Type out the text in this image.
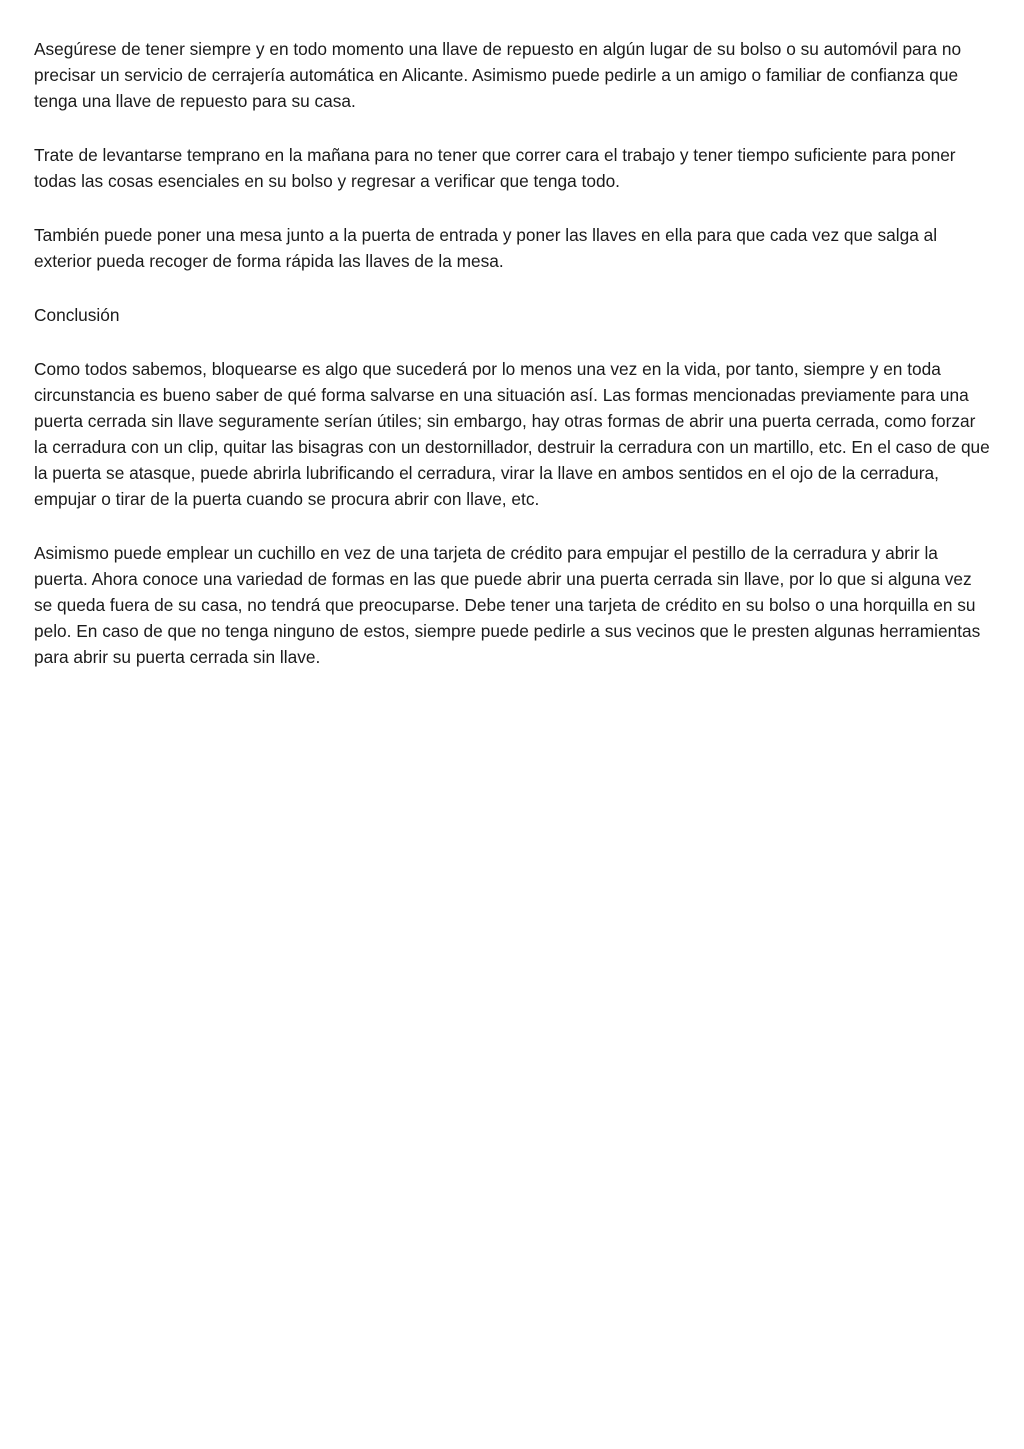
Asegúrese de tener siempre y en todo momento una llave de repuesto en algún lugar de su bolso o su automóvil para no precisar un servicio de cerrajería automática en Alicante. Asimismo puede pedirle a un amigo o familiar de confianza que tenga una llave de repuesto para su casa.

Trate de levantarse temprano en la mañana para no tener que correr cara el trabajo y tener tiempo suficiente para poner todas las cosas esenciales en su bolso y regresar a verificar que tenga todo.

También puede poner una mesa junto a la puerta de entrada y poner las llaves en ella para que cada vez que salga al exterior pueda recoger de forma rápida las llaves de la mesa.

Conclusión

Como todos sabemos, bloquearse es algo que sucederá por lo menos una vez en la vida, por tanto, siempre y en toda circunstancia es bueno saber de qué forma salvarse en una situación así. Las formas mencionadas previamente para una puerta cerrada sin llave seguramente serían útiles; sin embargo, hay otras formas de abrir una puerta cerrada, como forzar la cerradura con un clip, quitar las bisagras con un destornillador, destruir la cerradura con un martillo, etc. En el caso de que la puerta se atasque, puede abrirla lubrificando el cerradura, virar la llave en ambos sentidos en el ojo de la cerradura, empujar o tirar de la puerta cuando se procura abrir con llave, etc.

Asimismo puede emplear un cuchillo en vez de una tarjeta de crédito para empujar el pestillo de la cerradura y abrir la puerta. Ahora conoce una variedad de formas en las que puede abrir una puerta cerrada sin llave, por lo que si alguna vez se queda fuera de su casa, no tendrá que preocuparse. Debe tener una tarjeta de crédito en su bolso o una horquilla en su pelo. En caso de que no tenga ninguno de estos, siempre puede pedirle a sus vecinos que le presten algunas herramientas para abrir su puerta cerrada sin llave.
